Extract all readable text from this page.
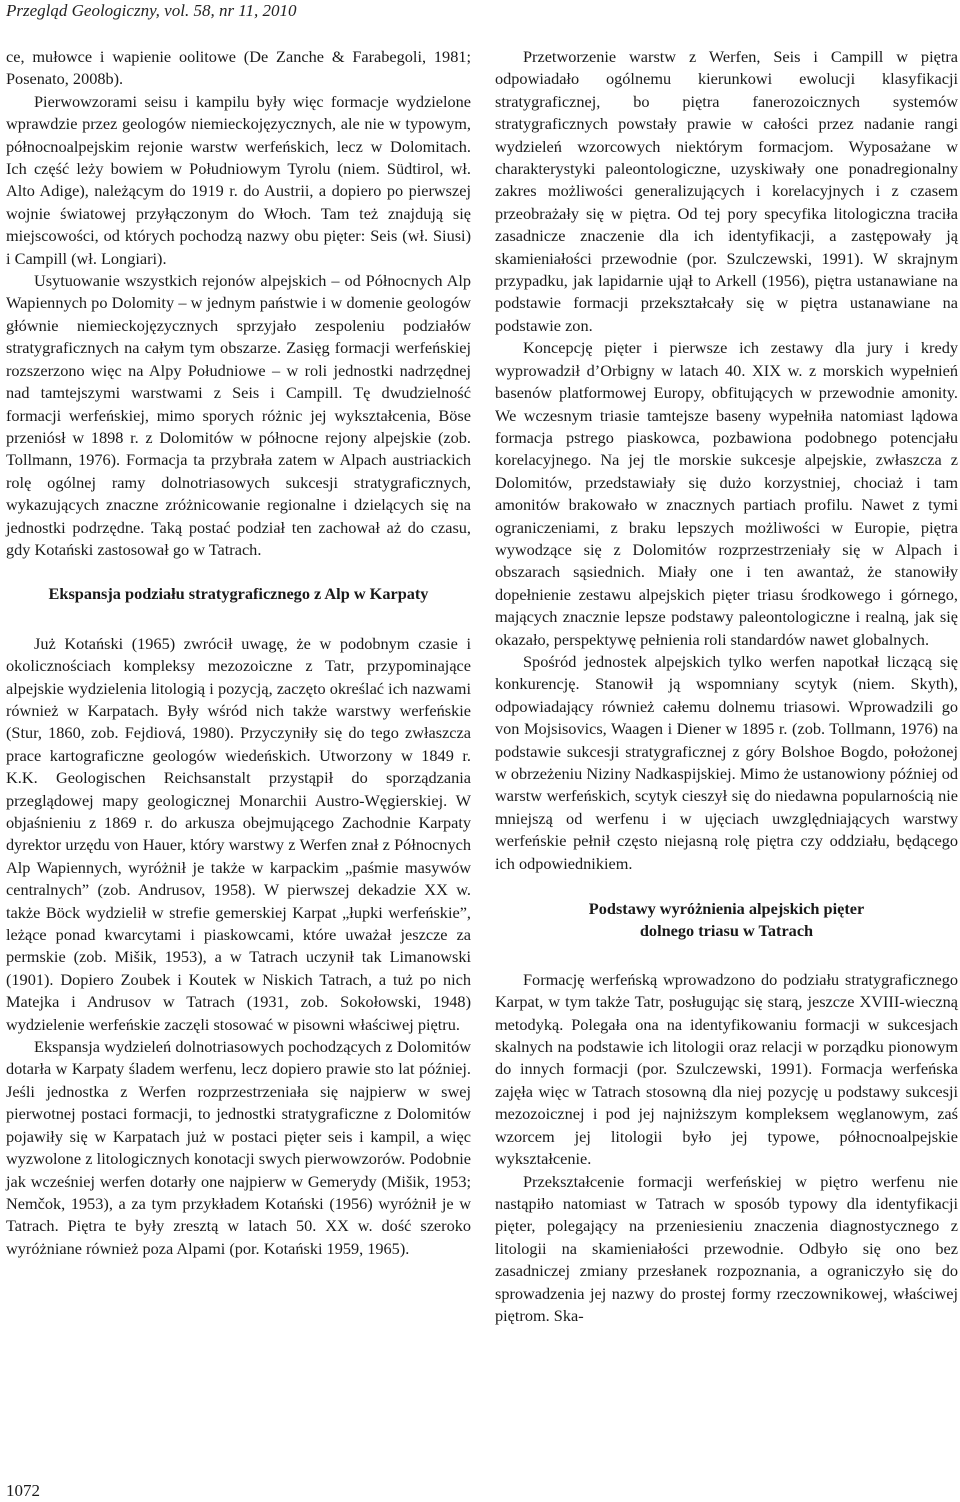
Przegląd Geologiczny, vol. 58, nr 11, 2010

ce, mułowce i wapienie oolitowe (De Zanche & Farabegoli, 1981; Posenato, 2008b).

Pierwowzorami seisu i kampilu były więc formacje wydzielone wprawdzie przez geologów niemieckojęzycznych, ale nie w typowym, północnoalpejskim rejonie warstw werfeńskich, lecz w Dolomitach. Ich część leży bowiem w Południowym Tyrolu (niem. Südtirol, wł. Alto Adige), należącym do 1919 r. do Austrii, a dopiero po pierwszej wojnie światowej przyłączonym do Włoch. Tam też znajdują się miejscowości, od których pochodzą nazwy obu pięter: Seis (wł. Siusi) i Campill (wł. Longiari).

Usytuowanie wszystkich rejonów alpejskich – od Północnych Alp Wapiennych po Dolomity – w jednym państwie i w domenie geologów głównie niemieckojęzycznych sprzyjało zespoleniu podziałów stratygraficznych na całym tym obszarze. Zasięg formacji werfeńskiej rozszerzono więc na Alpy Południowe – w roli jednostki nadrzędnej nad tamtejszymi warstwami z Seis i Campill. Tę dwudzielność formacji werfeńskiej, mimo sporych różnic jej wykształcenia, Böse przeniósł w 1898 r. z Dolomitów w północne rejony alpejskie (zob. Tollmann, 1976). Formacja ta przybrała zatem w Alpach austriackich rolę ogólnej ramy dolnotriasowych sukcesji stratygraficznych, wykazujących znaczne zróżnicowanie regionalne i dzielących się na jednostki podrzędne. Taką postać podział ten zachował aż do czasu, gdy Kotański zastosował go w Tatrach.

Ekspansja podziału stratygraficznego z Alp w Karpaty

Już Kotański (1965) zwrócił uwagę, że w podobnym czasie i okolicznościach kompleksy mezozoiczne z Tatr, przypominające alpejskie wydzielenia litologią i pozycją, zaczęto określać ich nazwami również w Karpatach. Były wśród nich także warstwy werfeńskie (Stur, 1860, zob. Fejdiová, 1980). Przyczyniły się do tego zwłaszcza prace kartograficzne geologów wiedeńskich. Utworzony w 1849 r. K.K. Geologischen Reichsanstalt przystąpił do sporządzania przeglądowej mapy geologicznej Monarchii Austro-Węgierskiej. W objaśnieniu z 1869 r. do arkusza obejmującego Zachodnie Karpaty dyrektor urzędu von Hauer, który warstwy z Werfen znał z Północnych Alp Wapiennych, wyróżnił je także w karpackim „paśmie masywów centralnych” (zob. Andrusov, 1958). W pierwszej dekadzie XX w. także Böck wydzielił w strefie gemerskiej Karpat „łupki werfeńskie”, leżące ponad kwarcytami i piaskowcami, które uważał jeszcze za permskie (zob. Mišik, 1953), a w Tatrach uczynił tak Limanowski (1901). Dopiero Zoubek i Koutek w Niskich Tatrach, a tuż po nich Matejka i Andrusov w Tatrach (1931, zob. Sokołowski, 1948) wydzielenie werfeńskie zaczęli stosować w pisowni właściwej piętru.

Ekspansja wydzieleń dolnotriasowych pochodzących z Dolomitów dotarła w Karpaty śladem werfenu, lecz dopiero prawie sto lat później. Jeśli jednostka z Werfen rozprzestrzeniała się najpierw w swej pierwotnej postaci formacji, to jednostki stratygraficzne z Dolomitów pojawiły się w Karpatach już w postaci pięter seis i kampil, a więc wyzwolone z litologicznych konotacji swych pierwowzorów. Podobnie jak wcześniej werfen dotarły one najpierw w Gemerydy (Mišik, 1953; Nemčok, 1953), a za tym przykładem Kotański (1956) wyróżnił je w Tatrach. Piętra te były zresztą w latach 50. XX w. dość szeroko wyróżniane również poza Alpami (por. Kotański 1959, 1965).

Przetworzenie warstw z Werfen, Seis i Campill w piętra odpowiadało ogólnemu kierunkowi ewolucji klasyfikacji stratygraficznej, bo piętra fanerozoicznych systemów stratygraficznych powstały prawie w całości przez nadanie rangi wydzieleń wzorcowych niektórym formacjom. Wyposażane w charakterystyki paleontologiczne, uzyskiwały one ponadregionalny zakres możliwości generalizujących i korelacyjnych i z czasem przeobrażały się w piętra. Od tej pory specyfika litologiczna traciła zasadnicze znaczenie dla ich identyfikacji, a zastępowały ją skamieniałości przewodnie (por. Szulczewski, 1991). W skrajnym przypadku, jak lapidarnie ujął to Arkell (1956), piętra ustanawiane na podstawie formacji przekształcały się w piętra ustanawiane na podstawie zon.

Koncepcję pięter i pierwsze ich zestawy dla jury i kredy wyprowadził d’Orbigny w latach 40. XIX w. z morskich wypełnień basenów platformowej Europy, obfitujących w przewodnie amonity. We wczesnym triasie tamtejsze baseny wypełniła natomiast lądowa formacja pstrego piaskowca, pozbawiona podobnego potencjału korelacyjnego. Na jej tle morskie sukcesje alpejskie, zwłaszcza z Dolomitów, przedstawiały się dużo korzystniej, chociaż i tam amonitów brakowało w znacznych partiach profilu. Nawet z tymi ograniczeniami, z braku lepszych możliwości w Europie, piętra wywodzące się z Dolomitów rozprzestrzeniały się w Alpach i obszarach sąsiednich. Miały one i ten awantaż, że stanowiły dopełnienie zestawu alpejskich pięter triasu środkowego i górnego, mających znacznie lepsze podstawy paleontologiczne i realną, jak się okazało, perspektywę pełnienia roli standardów nawet globalnych.

Spośród jednostek alpejskich tylko werfen napotkał liczącą się konkurencję. Stanowił ją wspomniany scytyk (niem. Skyth), odpowiadający również całemu dolnemu triasowi. Wprowadzili go von Mojsisovics, Waagen i Diener w 1895 r. (zob. Tollmann, 1976) na podstawie sukcesji stratygraficznej z góry Bolshoe Bogdo, położonej w obrzeżeniu Niziny Nadkaspijskiej. Mimo że ustanowiony później od warstw werfeńskich, scytyk cieszył się do niedawna popularnością nie mniejszą od werfenu i w ujęciach uwzględniających warstwy werfeńskie pełnił często niejasną rolę piętra czy oddziału, będącego ich odpowiednikiem.

Podstawy wyróżnienia alpejskich pięter
dolnego triasu w Tatrach

Formację werfeńską wprowadzono do podziału stratygraficznego Karpat, w tym także Tatr, posługując się starą, jeszcze XVIII-wieczną metodyką. Polegała ona na identyfikowaniu formacji w sukcesjach skalnych na podstawie ich litologii oraz relacji w porządku pionowym do innych formacji (por. Szulczewski, 1991). Formacja werfeńska zajęła więc w Tatrach stosowną dla niej pozycję u podstawy sukcesji mezozoicznej i pod jej najniższym kompleksem węglanowym, zaś wzorcem jej litologii było jej typowe, północnoalpejskie wykształcenie.

Przekształcenie formacji werfeńskiej w piętro werfenu nie nastąpiło natomiast w Tatrach w sposób typowy dla identyfikacji pięter, polegający na przeniesieniu znaczenia diagnostycznego z litologii na skamieniałości przewodnie. Odbyło się ono bez zasadniczej zmiany przesłanek rozpoznania, a ograniczyło się do sprowadzenia jej nazwy do prostej formy rzeczownikowej, właściwej piętrom. Ska-

1072
